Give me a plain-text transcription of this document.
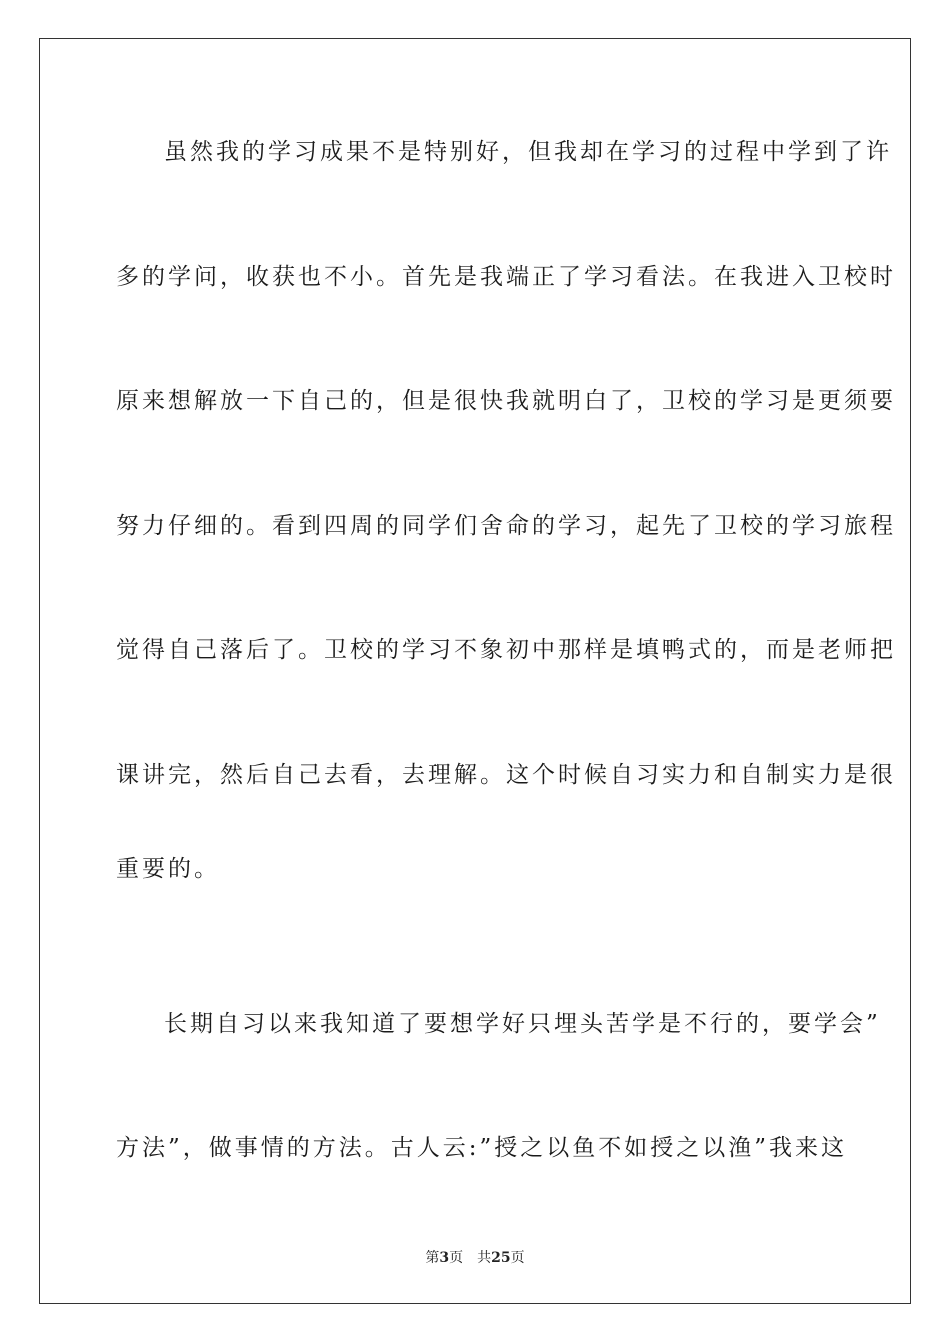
虽然我的学习成果不是特别好，但我却在学习的过程中学到了许
多的学问，收获也不小。首先是我端正了学习看法。在我进入卫校时
原来想解放一下自己的，但是很快我就明白了，卫校的学习是更须要
努力仔细的。看到四周的同学们舍命的学习，起先了卫校的学习旅程
觉得自己落后了。卫校的学习不象初中那样是填鸭式的，而是老师把
课讲完，然后自己去看，去理解。这个时候自习实力和自制实力是很
重要的。
长期自习以来我知道了要想学好只埋头苦学是不行的，要学会”
方法”，做事情的方法。古人云:”授之以鱼不如授之以渔”我来这
第3页 共25页
